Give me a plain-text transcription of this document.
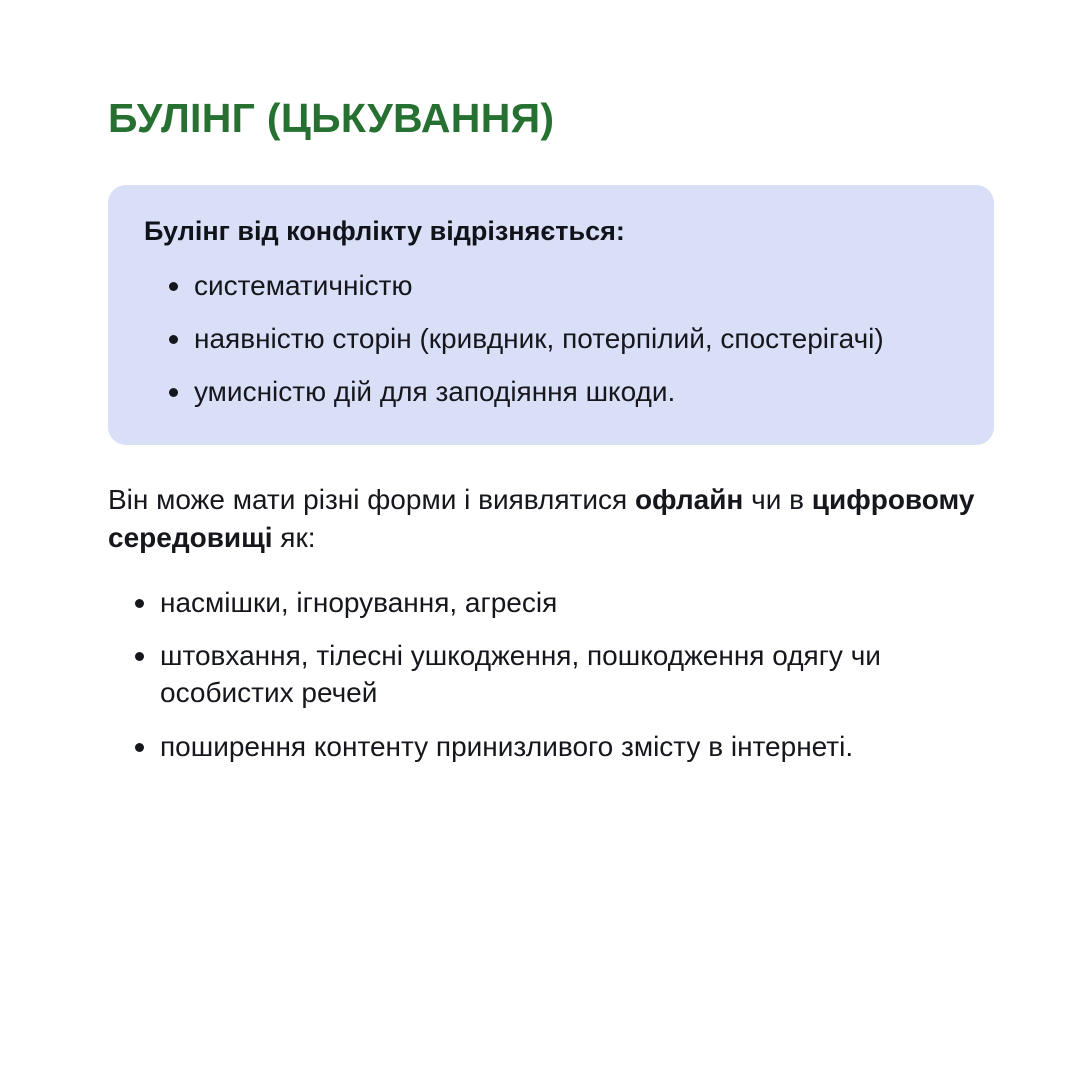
БУЛІНГ (ЦЬКУВАННЯ)
Булінг від конфлікту відрізняється:
систематичністю
наявністю сторін (кривдник, потерпілий, спостерігачі)
умисністю дій для заподіяння шкоди.

Він може мати різні форми і виявлятися офлайн чи в цифровому середовищі як:

насмішки, ігнорування, агресія
штовхання, тілесні ушкодження, пошкодження одягу чи особистих речей
поширення контенту принизливого змісту в інтернеті.
